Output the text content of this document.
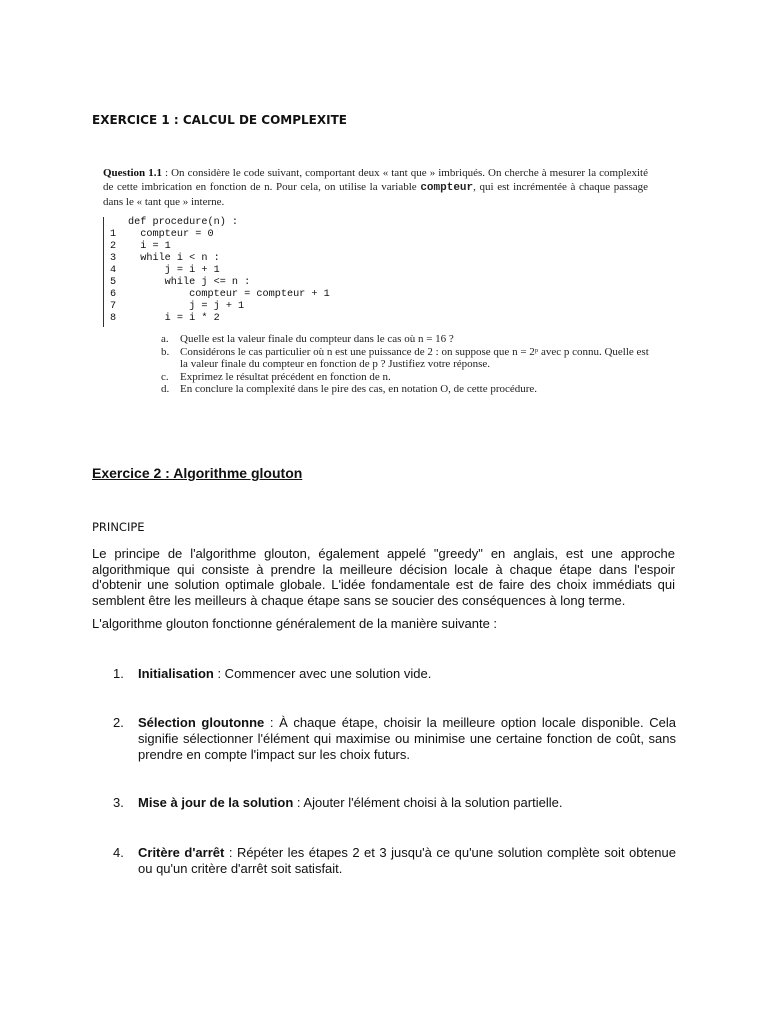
EXERCICE 1 : CALCUL DE COMPLEXITE
Question 1.1 : On considère le code suivant, comportant deux « tant que » imbriqués. On cherche à mesurer la complexité de cette imbrication en fonction de n. Pour cela, on utilise la variable compteur, qui est incrémentée à chaque passage dans le « tant que » interne.
def procedure(n) :
1  compteur = 0
2  i = 1
3  while i < n :
4      j = i + 1
5      while j <= n :
6          compteur = compteur + 1
7          j = j + 1
8      i = i * 2
a.	Quelle est la valeur finale du compteur dans le cas où n = 16 ?
b. Considérons le cas particulier où n est une puissance de 2 : on suppose que n = 2ᵖ avec p connu. Quelle est la valeur finale du compteur en fonction de p ? Justifiez votre réponse.
c.	Exprimez le résultat précédent en fonction de n.
d. En conclure la complexité dans le pire des cas, en notation O, de cette procédure.
Exercice 2 : Algorithme glouton
PRINCIPE
Le principe de l'algorithme glouton, également appelé "greedy" en anglais, est une approche algorithmique qui consiste à prendre la meilleure décision locale à chaque étape dans l'espoir d'obtenir une solution optimale globale. L'idée fondamentale est de faire des choix immédiats qui semblent être les meilleurs à chaque étape sans se soucier des conséquences à long terme.
L'algorithme glouton fonctionne généralement de la manière suivante :
1. Initialisation : Commencer avec une solution vide.
2. Sélection gloutonne : À chaque étape, choisir la meilleure option locale disponible. Cela signifie sélectionner l'élément qui maximise ou minimise une certaine fonction de coût, sans prendre en compte l'impact sur les choix futurs.
3. Mise à jour de la solution : Ajouter l'élément choisi à la solution partielle.
4. Critère d'arrêt : Répéter les étapes 2 et 3 jusqu'à ce qu'une solution complète soit obtenue ou qu'un critère d'arrêt soit satisfait.
